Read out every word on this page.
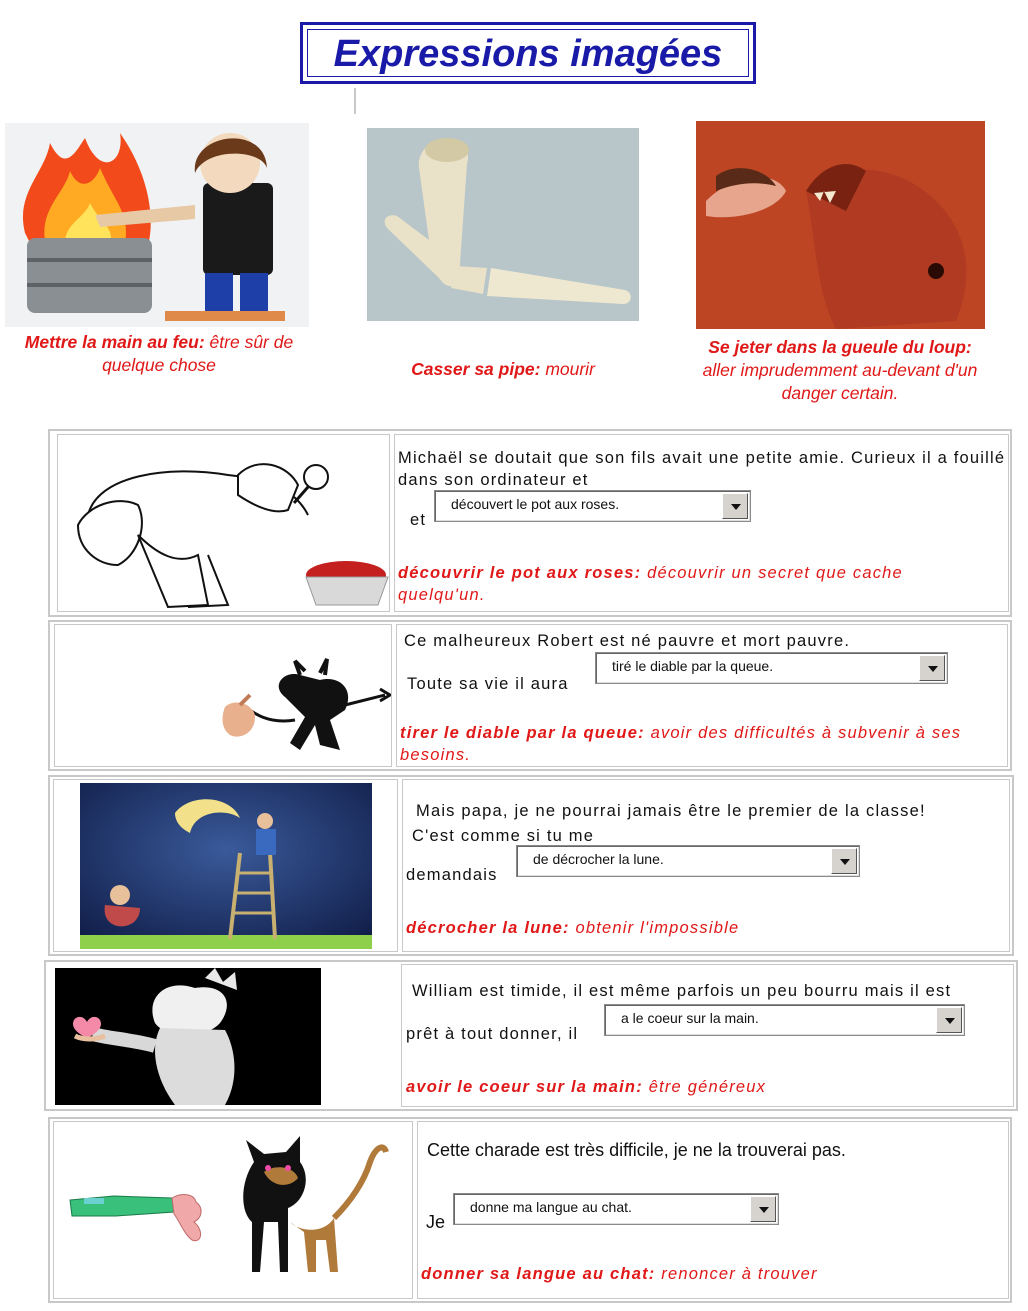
Expressions imagées
Mettre la main au feu: être sûr de quelque chose	Casser sa pipe: mourir
Se jeter dans la gueule du loup:
aller imprudemment au-devant d'un danger certain.
Michaël se doutait que son fils avait une petite amie. Curieux il a fouillé dans son ordinateur et
et
découvert le pot aux roses.
découvrir le pot aux roses: découvrir un secret que cache quelqu'un.
Ce malheureux Robert est né pauvre et mort pauvre.
Toute sa vie il aura
tiré le diable par la queue.
tirer le diable par la queue: avoir des difficultés à subvenir à ses besoins.
Mais papa, je ne pourrai jamais être le premier de la classe!
C'est comme si tu me
demandais
de décrocher la lune.
décrocher la lune: obtenir l'impossible
William est timide, il est même parfois un peu bourru mais il est
prêt à tout donner, il
a le coeur sur la main.
avoir le coeur sur la main: être généreux
Cette charade est très difficile, je ne la trouverai pas.
Je
donne ma langue au chat.
donner sa langue au chat: renoncer à trouver
